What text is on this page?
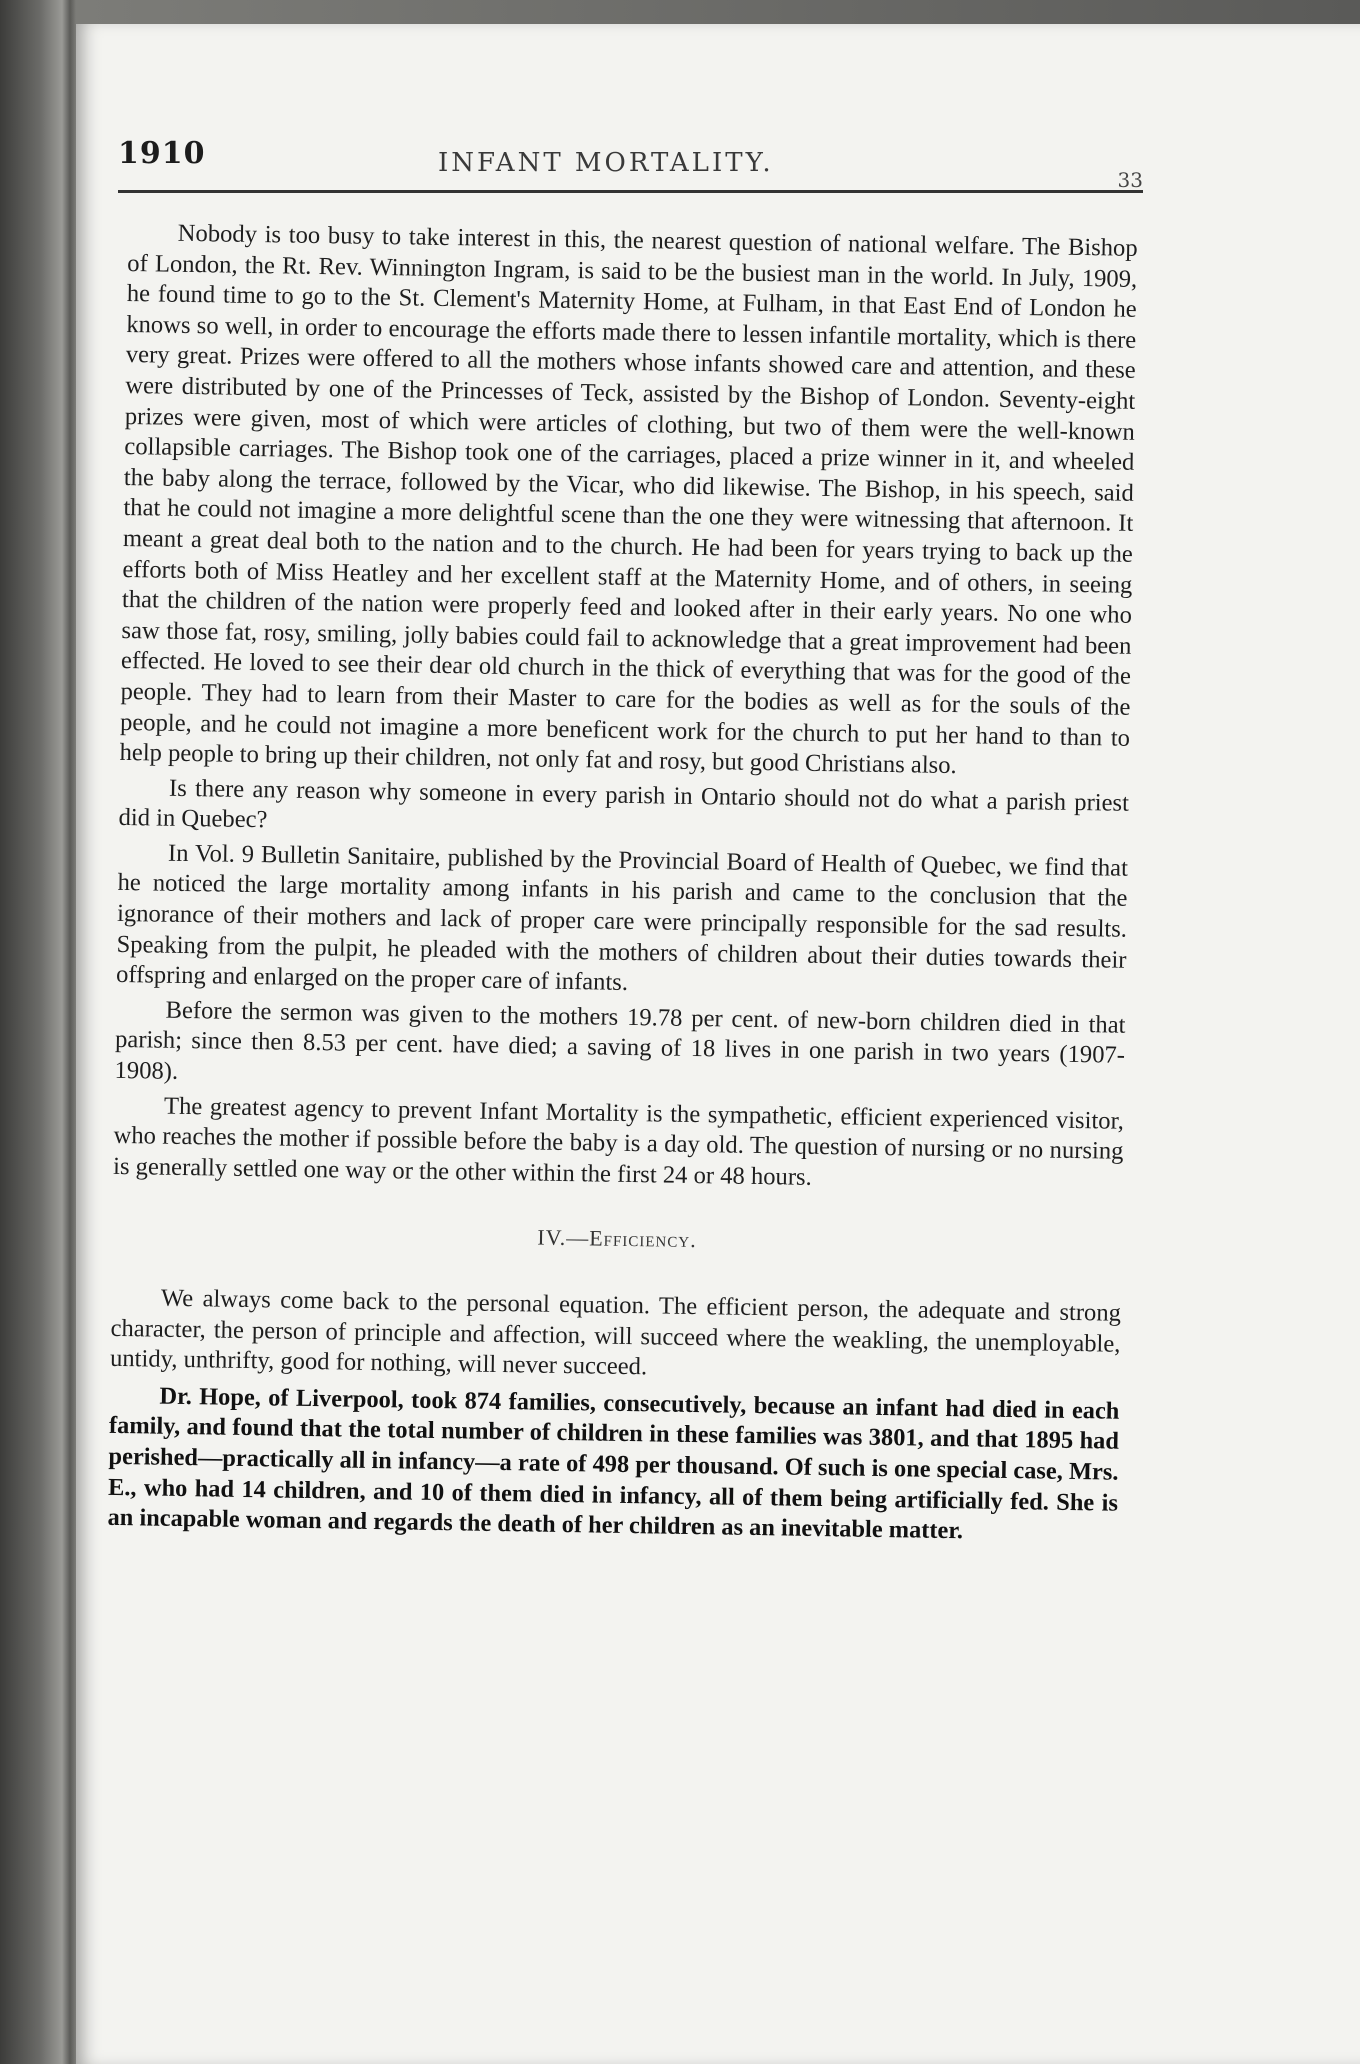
1910	INFANT MORTALITY.
33

Nobody is too busy to take interest in this, the nearest question of national welfare. The Bishop of London, the Rt. Rev. Winnington Ingram, is said to be the busiest man in the world. In July, 1909, he found time to go to the St. Clement's Maternity Home, at Fulham, in that East End of London he knows so well, in order to encourage the efforts made there to lessen infantile mortality, which is there very great. Prizes were offered to all the mothers whose infants showed care and attention, and these were distributed by one of the Princesses of Teck, assisted by the Bishop of London. Seventy-eight prizes were given, most of which were articles of clothing, but two of them were the well-known collapsible carriages. The Bishop took one of the carriages, placed a prize winner in it, and wheeled the baby along the terrace, followed by the Vicar, who did likewise. The Bishop, in his speech, said that he could not imagine a more delightful scene than the one they were witnessing that afternoon. It meant a great deal both to the nation and to the church. He had been for years trying to back up the efforts both of Miss Heatley and her excellent staff at the Maternity Home, and of others, in seeing that the children of the nation were properly feed and looked after in their early years. No one who saw those fat, rosy, smiling, jolly babies could fail to acknowledge that a great improvement had been effected. He loved to see their dear old church in the thick of everything that was for the good of the people. They had to learn from their Master to care for the bodies as well as for the souls of the people, and he could not imagine a more beneficent work for the church to put her hand to than to help people to bring up their children, not only fat and rosy, but good Christians also.

Is there any reason why someone in every parish in Ontario should not do what a parish priest did in Quebec?

In Vol. 9 Bulletin Sanitaire, published by the Provincial Board of Health of Quebec, we find that he noticed the large mortality among infants in his parish and came to the conclusion that the ignorance of their mothers and lack of proper care were principally responsible for the sad results. Speaking from the pulpit, he pleaded with the mothers of children about their duties towards their offspring and enlarged on the proper care of infants.

Before the sermon was given to the mothers 19.78 per cent. of new-born children died in that parish; since then 8.53 per cent. have died; a saving of 18 lives in one parish in two years (1907-1908).

The greatest agency to prevent Infant Mortality is the sympathetic, efficient experienced visitor, who reaches the mother if possible before the baby is a day old. The question of nursing or no nursing is generally settled one way or the other within the first 24 or 48 hours.

IV.—Efficiency.

We always come back to the personal equation. The efficient person, the adequate and strong character, the person of principle and affection, will succeed where the weakling, the unemployable, untidy, unthrifty, good for nothing, will never succeed.

Dr. Hope, of Liverpool, took 874 families, consecutively, because an infant had died in each family, and found that the total number of children in these families was 3801, and that 1895 had perished—practically all in infancy—a rate of 498 per thousand. Of such is one special case, Mrs. E., who had 14 children, and 10 of them died in infancy, all of them being artificially fed. She is an incapable woman and regards the death of her children as an inevitable matter.
